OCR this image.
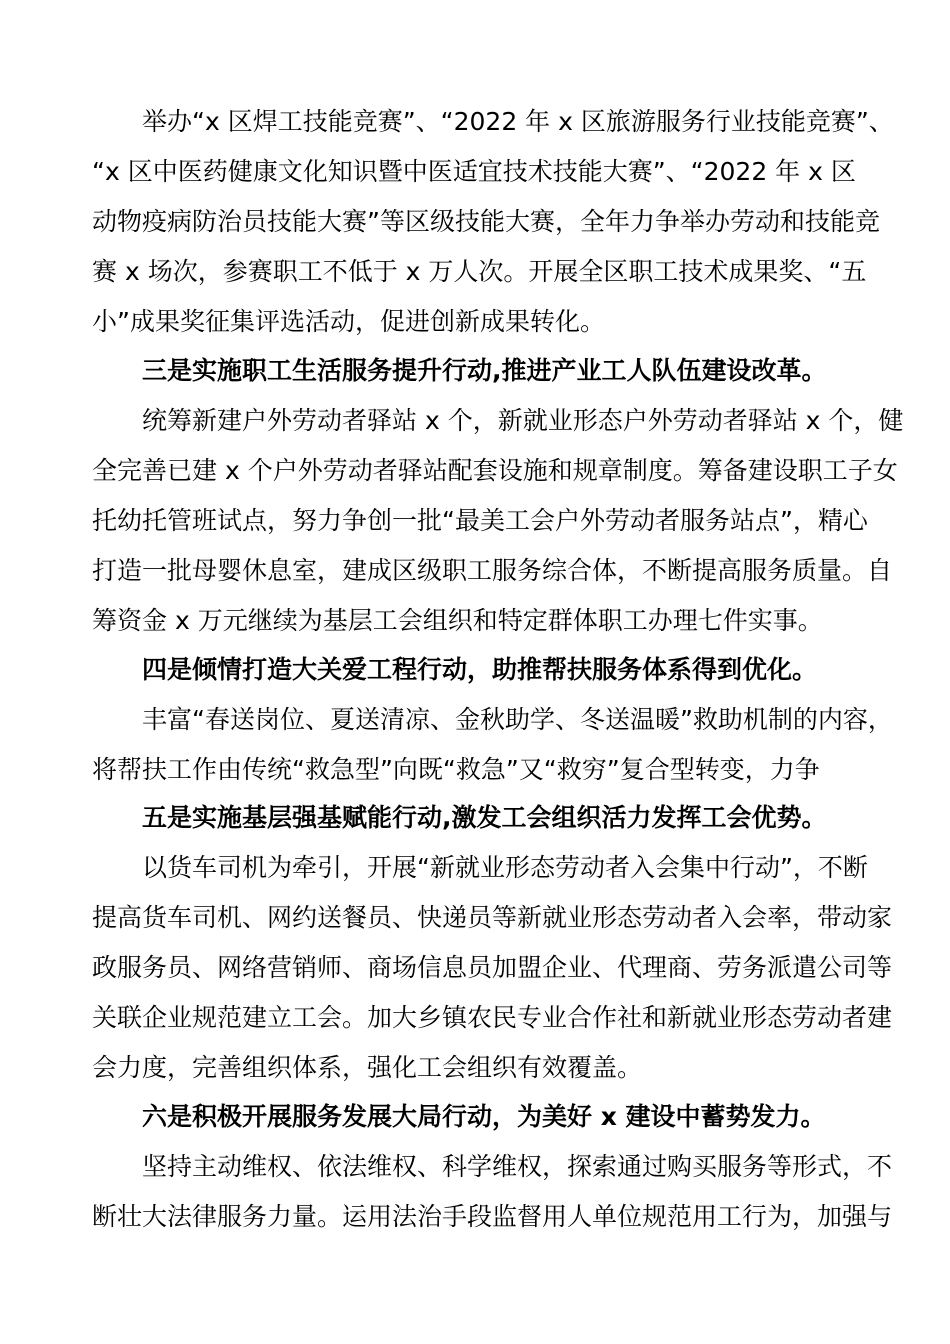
　　举办“x 区焊工技能竞赛”、“2022 年 x 区旅游服务行业技能竞赛”、
“x 区中医药健康文化知识暨中医适宜技术技能大赛”、“2022 年 x 区
动物疫病防治员技能大赛”等区级技能大赛，全年力争举办劳动和技能竞
赛 x 场次，参赛职工不低于 x 万人次。开展全区职工技术成果奖、“五
小”成果奖征集评选活动，促进创新成果转化。
　　三是实施职工生活服务提升行动,推进产业工人队伍建设改革。
　　统筹新建户外劳动者驿站 x 个，新就业形态户外劳动者驿站 x 个，健
全完善已建 x 个户外劳动者驿站配套设施和规章制度。筹备建设职工子女
托幼托管班试点，努力争创一批“最美工会户外劳动者服务站点”，精心
打造一批母婴休息室，建成区级职工服务综合体，不断提高服务质量。自
筹资金 x 万元继续为基层工会组织和特定群体职工办理七件实事。
　　四是倾情打造大关爱工程行动，助推帮扶服务体系得到优化。
　　丰富“春送岗位、夏送清凉、金秋助学、冬送温暖”救助机制的内容，
将帮扶工作由传统“救急型”向既“救急”又“救穷”复合型转变，力争
　　五是实施基层强基赋能行动,激发工会组织活力发挥工会优势。
　　以货车司机为牵引，开展“新就业形态劳动者入会集中行动”，不断
提高货车司机、网约送餐员、快递员等新就业形态劳动者入会率，带动家
政服务员、网络营销师、商场信息员加盟企业、代理商、劳务派遣公司等
关联企业规范建立工会。加大乡镇农民专业合作社和新就业形态劳动者建
会力度，完善组织体系，强化工会组织有效覆盖。
　　六是积极开展服务发展大局行动，为美好 x 建设中蓄势发力。
　　坚持主动维权、依法维权、科学维权，探索通过购买服务等形式，不
断壮大法律服务力量。运用法治手段监督用人单位规范用工行为，加强与
